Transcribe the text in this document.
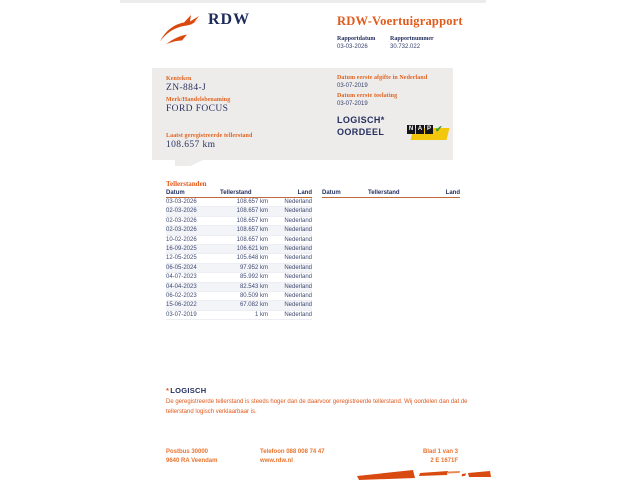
RDW	RDW-Voertuigrapport
Rapportdatum	Rapportnummer
03-03-2026	30.732.022
Kenteken
ZN-884-J
Merk/Handelsbenaming
FORD FOCUS
Laatst geregistreerde tellerstand
108.657 km
Datum eerste afgifte in Nederland
03-07-2019
Datum eerste toelating
03-07-2019
LOGISCH*
OORDEEL	N A P ✔
Tellerstanden
Datum	Tellerstand	Land
03-03-2026	108.657 km	Nederland
02-03-2026	108.657 km	Nederland
02-03-2026	108.657 km	Nederland
02-03-2026	108.657 km	Nederland
10-02-2026	108.657 km	Nederland
16-09-2025	106.621 km	Nederland
12-05-2025	105.648 km	Nederland
06-05-2024	97.952 km	Nederland
04-07-2023	85.992 km	Nederland
04-04-2023	82.543 km	Nederland
06-02-2023	80.509 km	Nederland
15-06-2022	67.082 km	Nederland
03-07-2019	1 km	Nederland
Datum	Tellerstand	Land
*LOGISCH

De geregistreerde tellerstand is steeds hoger dan de daarvoor geregistreerde tellerstand. Wij oordelen dan dat de tellerstand logisch verklaarbaar is.

Postbus 30000
9640 RA Veendam
Telefoon 088 008 74 47
www.rdw.nl
Blad 1 van 3
2 E 1671F
